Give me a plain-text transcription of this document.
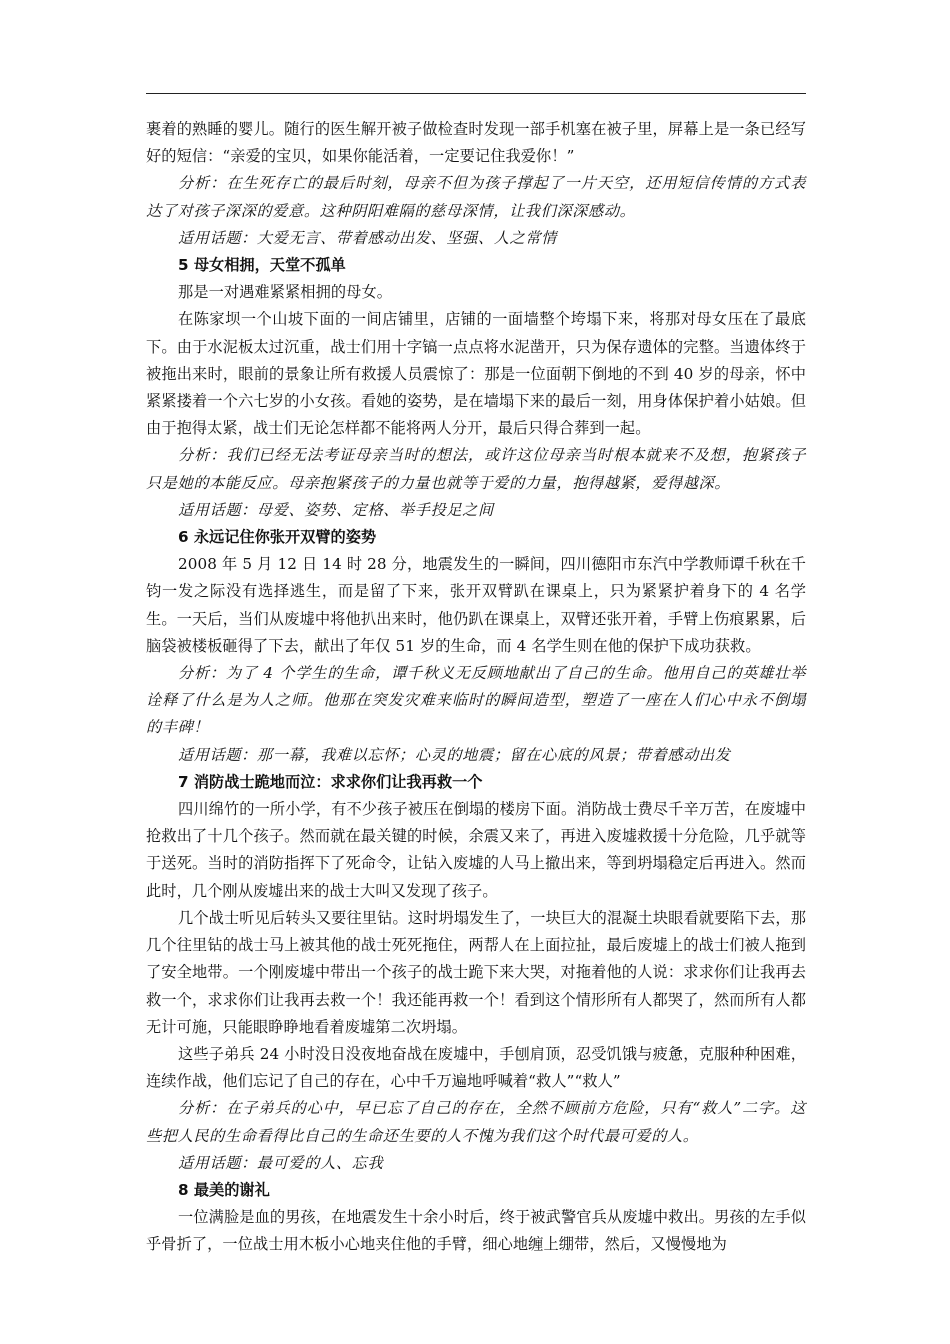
裹着的熟睡的婴儿。随行的医生解开被子做检查时发现一部手机塞在被子里，屏幕上是一条已经写好的短信：“亲爱的宝贝，如果你能活着，一定要记住我爱你！”

分析：在生死存亡的最后时刻，母亲不但为孩子撑起了一片天空，还用短信传情的方式表达了对孩子深深的爱意。这种阴阳难隔的慈母深情，让我们深深感动。

适用话题：大爱无言、带着感动出发、坚强、人之常情

5 母女相拥，天堂不孤单

那是一对遇难紧紧相拥的母女。

在陈家坝一个山坡下面的一间店铺里，店铺的一面墙整个垮塌下来，将那对母女压在了最底下。由于水泥板太过沉重，战士们用十字镐一点点将水泥凿开，只为保存遗体的完整。当遗体终于被拖出来时，眼前的景象让所有救援人员震惊了：那是一位面朝下倒地的不到 40 岁的母亲，怀中紧紧搂着一个六七岁的小女孩。看她的姿势，是在墙塌下来的最后一刻，用身体保护着小姑娘。但由于抱得太紧，战士们无论怎样都不能将两人分开，最后只得合葬到一起。

分析：我们已经无法考证母亲当时的想法，或许这位母亲当时根本就来不及想，抱紧孩子只是她的本能反应。母亲抱紧孩子的力量也就等于爱的力量，抱得越紧，爱得越深。

适用话题：母爱、姿势、定格、举手投足之间

6 永远记住你张开双臂的姿势

2008 年 5 月 12 日 14 时 28 分，地震发生的一瞬间，四川德阳市东汽中学教师谭千秋在千钧一发之际没有选择逃生，而是留了下来，张开双臂趴在课桌上，只为紧紧护着身下的 4 名学生。一天后，当们从废墟中将他扒出来时，他仍趴在课桌上，双臂还张开着，手臂上伤痕累累，后脑袋被楼板砸得了下去，献出了年仅 51 岁的生命，而 4 名学生则在他的保护下成功获救。

分析：为了 4 个学生的生命，谭千秋义无反顾地献出了自己的生命。他用自己的英雄壮举诠释了什么是为人之师。他那在突发灾难来临时的瞬间造型，塑造了一座在人们心中永不倒塌的丰碑！

适用话题：那一幕，我难以忘怀；心灵的地震；留在心底的风景；带着感动出发

7 消防战士跪地而泣：求求你们让我再救一个

四川绵竹的一所小学，有不少孩子被压在倒塌的楼房下面。消防战士费尽千辛万苦，在废墟中抢救出了十几个孩子。然而就在最关键的时候，余震又来了，再进入废墟救援十分危险，几乎就等于送死。当时的消防指挥下了死命令，让钻入废墟的人马上撤出来，等到坍塌稳定后再进入。然而此时，几个刚从废墟出来的战士大叫又发现了孩子。

几个战士听见后转头又要往里钻。这时坍塌发生了，一块巨大的混凝土块眼看就要陷下去，那几个往里钻的战士马上被其他的战士死死拖住，两帮人在上面拉扯，最后废墟上的战士们被人拖到了安全地带。一个刚废墟中带出一个孩子的战士跪下来大哭，对拖着他的人说：求求你们让我再去救一个，求求你们让我再去救一个！我还能再救一个！看到这个情形所有人都哭了，然而所有人都无计可施，只能眼睁睁地看着废墟第二次坍塌。

这些子弟兵 24 小时没日没夜地奋战在废墟中，手刨肩顶，忍受饥饿与疲惫，克服种种困难，连续作战，他们忘记了自己的存在，心中千万遍地呼喊着“救人”“救人”

分析：在子弟兵的心中，早已忘了自己的存在，全然不顾前方危险，只有“救人”二字。这些把人民的生命看得比自己的生命还生要的人不愧为我们这个时代最可爱的人。

适用话题：最可爱的人、忘我

8 最美的谢礼

一位满脸是血的男孩，在地震发生十余小时后，终于被武警官兵从废墟中救出。男孩的左手似乎骨折了，一位战士用木板小心地夹住他的手臂，细心地缠上绷带，然后，又慢慢地为
